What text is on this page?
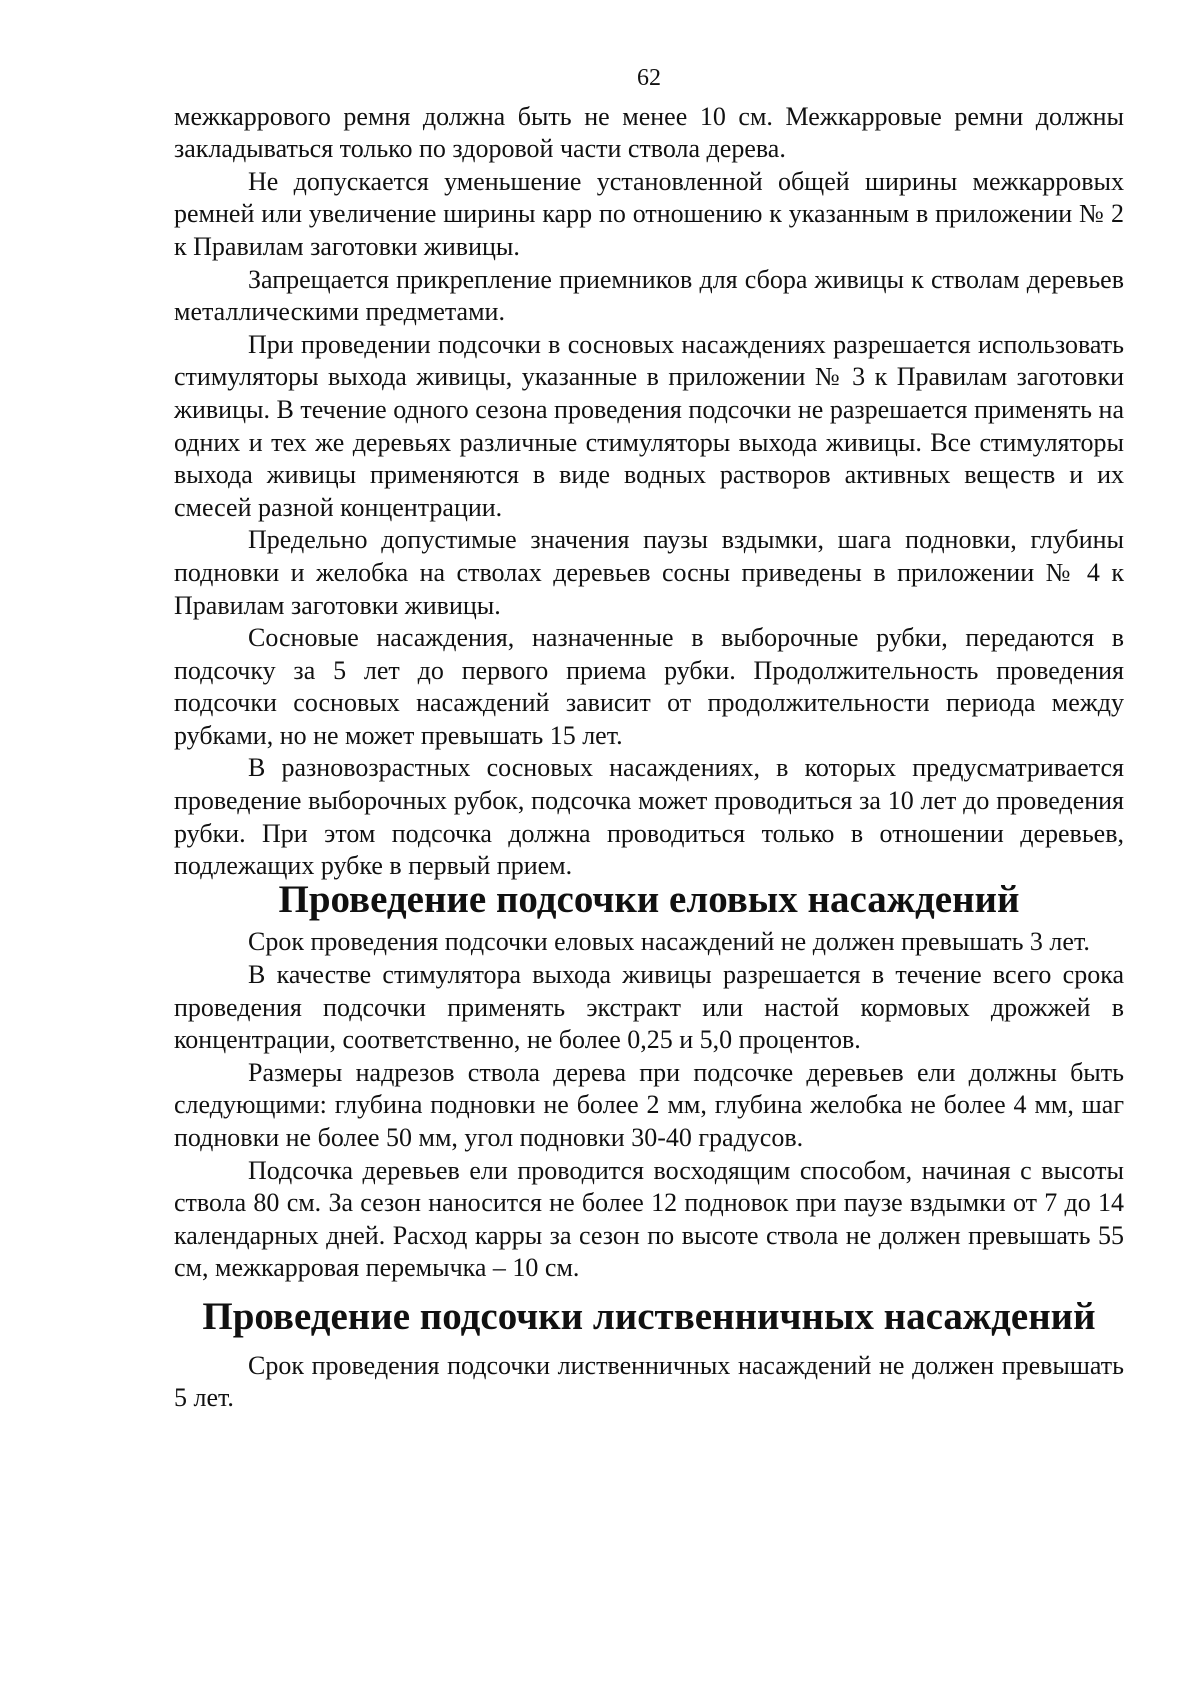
62

межкаррового ремня должна быть не менее 10 см. Межкарровые ремни должны закладываться только по здоровой части ствола дерева.

Не допускается уменьшение установленной общей ширины межкарровых ремней или увеличение ширины карр по отношению к указанным в приложении № 2 к Правилам заготовки живицы.

Запрещается прикрепление приемников для сбора живицы к стволам деревьев металлическими предметами.

При проведении подсочки в сосновых насаждениях разрешается использовать стимуляторы выхода живицы, указанные в приложении № 3 к Правилам заготовки живицы. В течение одного сезона проведения подсочки не разрешается применять на одних и тех же деревьях различные стимуляторы выхода живицы. Все стимуляторы выхода живицы применяются в виде водных растворов активных веществ и их смесей разной концентрации.

Предельно допустимые значения паузы вздымки, шага подновки, глубины подновки и желобка на стволах деревьев сосны приведены в приложении № 4 к Правилам заготовки живицы.

Сосновые насаждения, назначенные в выборочные рубки, передаются в подсочку за 5 лет до первого приема рубки. Продолжительность проведения подсочки сосновых насаждений зависит от продолжительности периода между рубками, но не может превышать 15 лет.

В разновозрастных сосновых насаждениях, в которых предусматривается проведение выборочных рубок, подсочка может проводиться за 10 лет до проведения рубки. При этом подсочка должна проводиться только в отношении деревьев, подлежащих рубке в первый прием.

Проведение подсочки еловых насаждений

Срок проведения подсочки еловых насаждений не должен превышать 3 лет.

В качестве стимулятора выхода живицы разрешается в течение всего срока проведения подсочки применять экстракт или настой кормовых дрожжей в концентрации, соответственно, не более 0,25 и 5,0 процентов.

Размеры надрезов ствола дерева при подсочке деревьев ели должны быть следующими: глубина подновки не более 2 мм, глубина желобка не более 4 мм, шаг подновки не более 50 мм, угол подновки 30-40 градусов.

Подсочка деревьев ели проводится восходящим способом, начиная с высоты ствола 80 см. За сезон наносится не более 12 подновок при паузе вздымки от 7 до 14 календарных дней. Расход карры за сезон по высоте ствола не должен превышать 55 см, межкарровая перемычка – 10 см.

Проведение подсочки лиственничных насаждений

Срок проведения подсочки лиственничных насаждений не должен превышать 5 лет.
